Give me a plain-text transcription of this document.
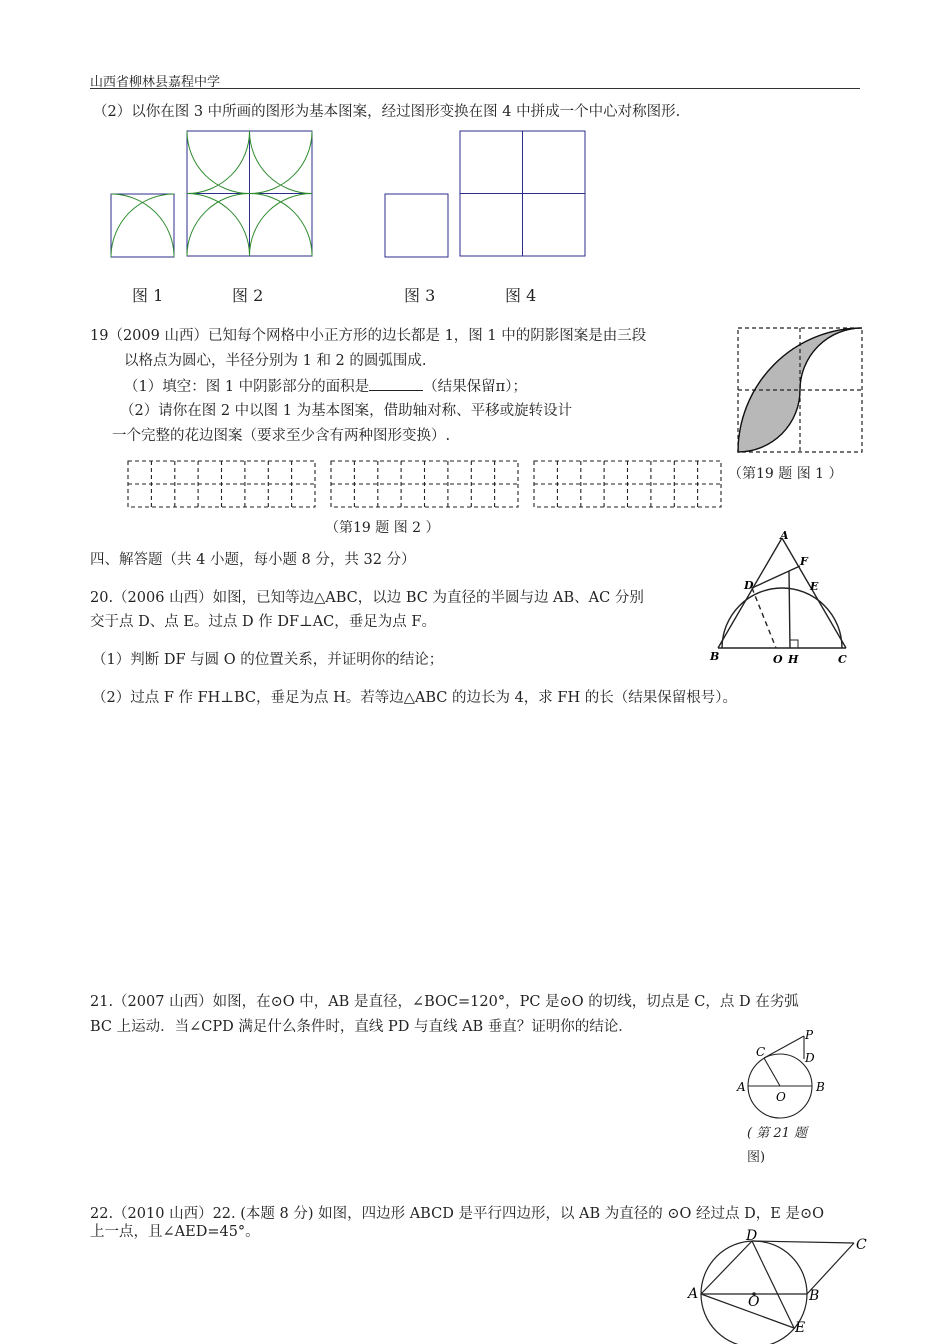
山西省柳林县嘉程中学
（2）以你在图 3 中所画的图形为基本图案，经过图形变换在图 4 中拼成一个中心对称图形.
图 1	图 2	图 3	图 4
19（2009 山西）已知每个网格中小正方形的边长都是 1，图 1 中的阴影图案是由三段
以格点为圆心，半径分别为 1 和 2 的圆弧围成.
（1）填空：图 1 中阴影部分的面积是	（结果保留π）；
（2）请你在图 2 中以图 1 为基本图案，借助轴对称、平移或旋转设计
一个完整的花边图案（要求至少含有两种图形变换）.
（第19 题 图 1 ）
（第19 题 图 2 ）
四、解答题（共 4 小题，每小题 8 分，共 32 分）
20.（2006 山西）如图，已知等边△ABC，以边 BC 为直径的半圆与边 AB、AC 分别
交于点 D、点 E。过点 D 作 DF⊥AC，垂足为点 F。
（1）判断 DF 与圆 O 的位置关系，并证明你的结论；
（2）过点 F 作 FH⊥BC，垂足为点 H。若等边△ABC 的边长为 4，求 FH 的长（结果保留根号）。
A
F
D	E
B	O H	C
21.（2007 山西）如图，在⊙O 中，AB 是直径，∠BOC=120°，PC 是⊙O 的切线，切点是 C，点 D 在劣弧
BC 上运动．当∠CPD 满足什么条件时，直线 PD 与直线 AB 垂直？证明你的结论．	P
C	D
A	B
O
( 第 21 题
图)
22.（2010 山西）22. (本题 8 分) 如图，四边形 ABCD 是平行四边形，以 AB 为直径的 ⊙O 经过点 D，E 是⊙O
上一点，且∠AED=45°。	D
C
A	O	B
E
